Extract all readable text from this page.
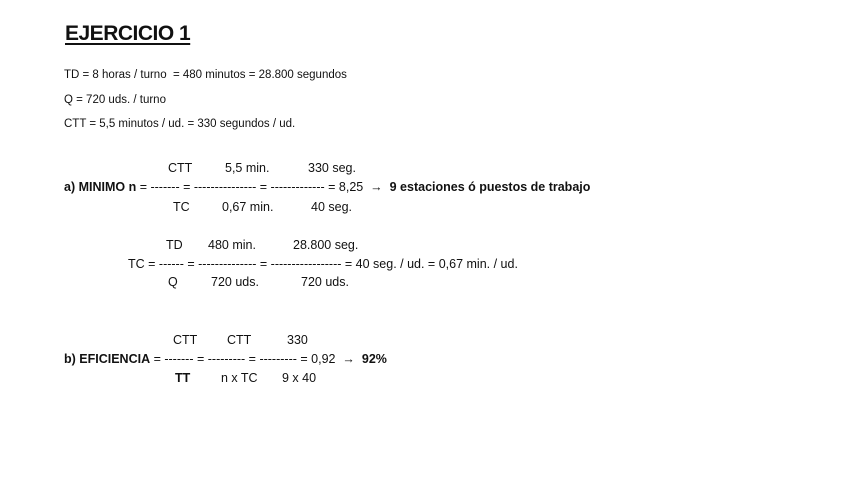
EJERCICIO 1
TD = 8 horas / turno  = 480 minutos = 28.800 segundos
Q = 720 uds. / turno
CTT = 5,5 minutos / ud. = 330 segundos / ud.
CTT	5,5 min.	330 seg.
a) MINIMO n = ------- = --------------- = ------------- = 8,25  → 9 estaciones ó puestos de trabajo
TC	0,67 min.	40 seg.
TD 480 min.	28.800 seg.
TC = ------ = -------------- = ----------------- = 40 seg. / ud. = 0,67 min. / ud.
Q	720 uds.	720 uds.
CTT CTT	330
b) EFICIENCIA = ------- = --------- = --------- = 0,92  → 92%
TT n x TC 9 x 40
